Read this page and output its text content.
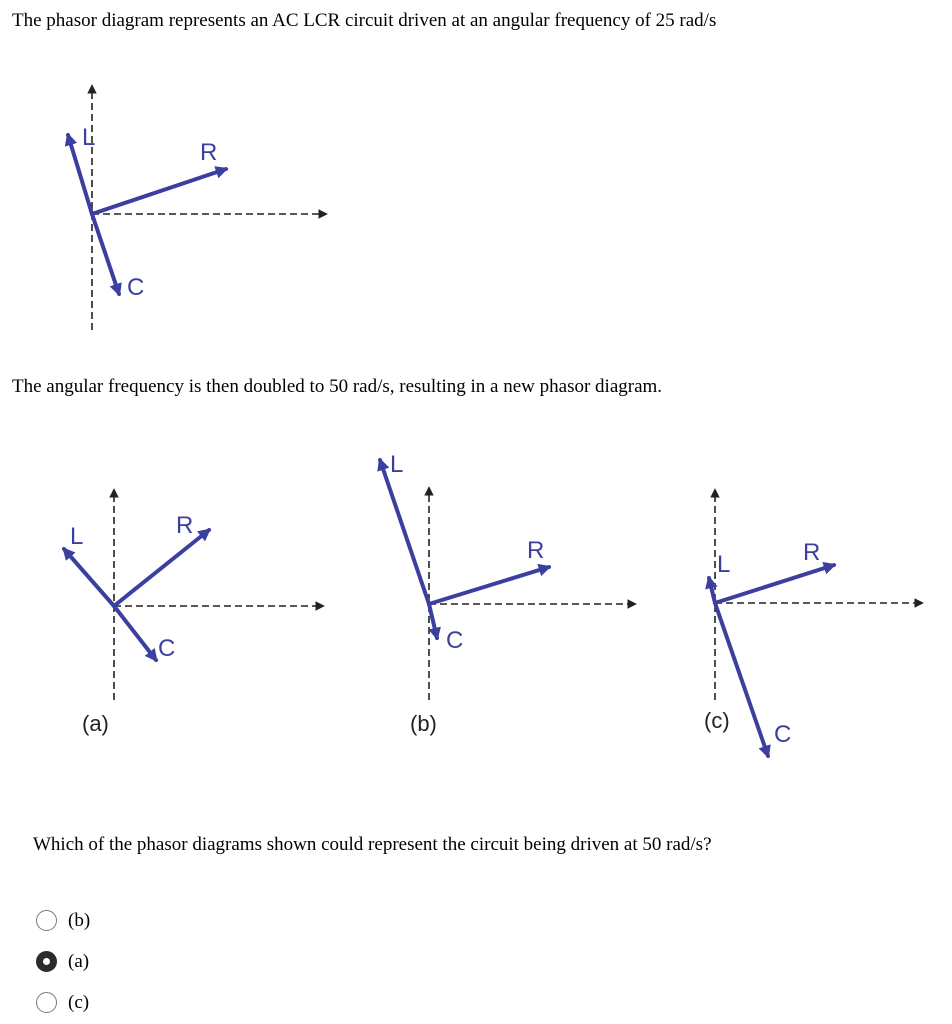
The phasor diagram represents an AC LCR circuit driven at an angular frequency of 25 rad/s
L
R
C
L	R
C
(a)
L
R
C
(b)
L	R
C
(c)
The angular frequency is then doubled to 50 rad/s, resulting in a new phasor diagram.
Which of the phasor diagrams shown could represent the circuit being driven at 50 rad/s?
(b)
(a)
(c)
